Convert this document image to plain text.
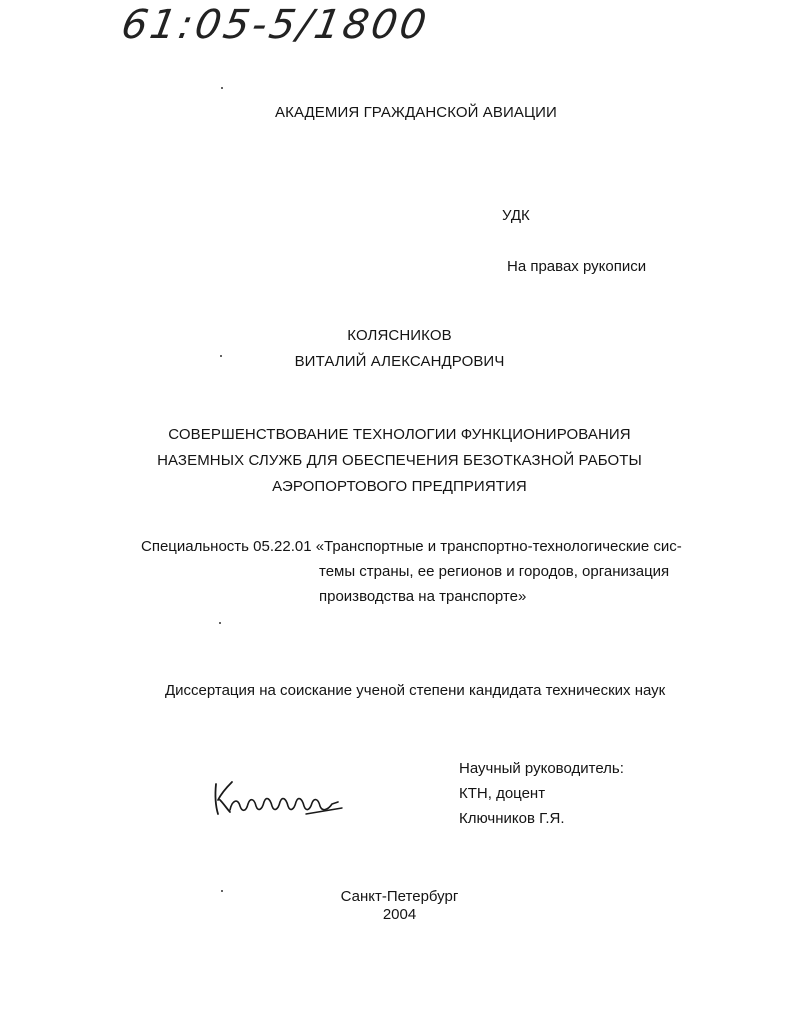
61:05-5/1800
АКАДЕМИЯ ГРАЖДАНСКОЙ АВИАЦИИ
УДК
На правах рукописи
КОЛЯСНИКОВ
ВИТАЛИЙ АЛЕКСАНДРОВИЧ
СОВЕРШЕНСТВОВАНИЕ ТЕХНОЛОГИИ ФУНКЦИОНИРОВАНИЯ
НАЗЕМНЫХ СЛУЖБ ДЛЯ ОБЕСПЕЧЕНИЯ БЕЗОТКАЗНОЙ РАБОТЫ
АЭРОПОРТОВОГО ПРЕДПРИЯТИЯ
Специальность 05.22.01 «Транспортные и транспортно-технологические сис-
темы страны, ее регионов и городов, организация
производства на транспорте»
Диссертация на соискание ученой степени кандидата технических наук
Научный руководитель:
КТН, доцент
Ключников Г.Я.
Санкт-Петербург
2004
